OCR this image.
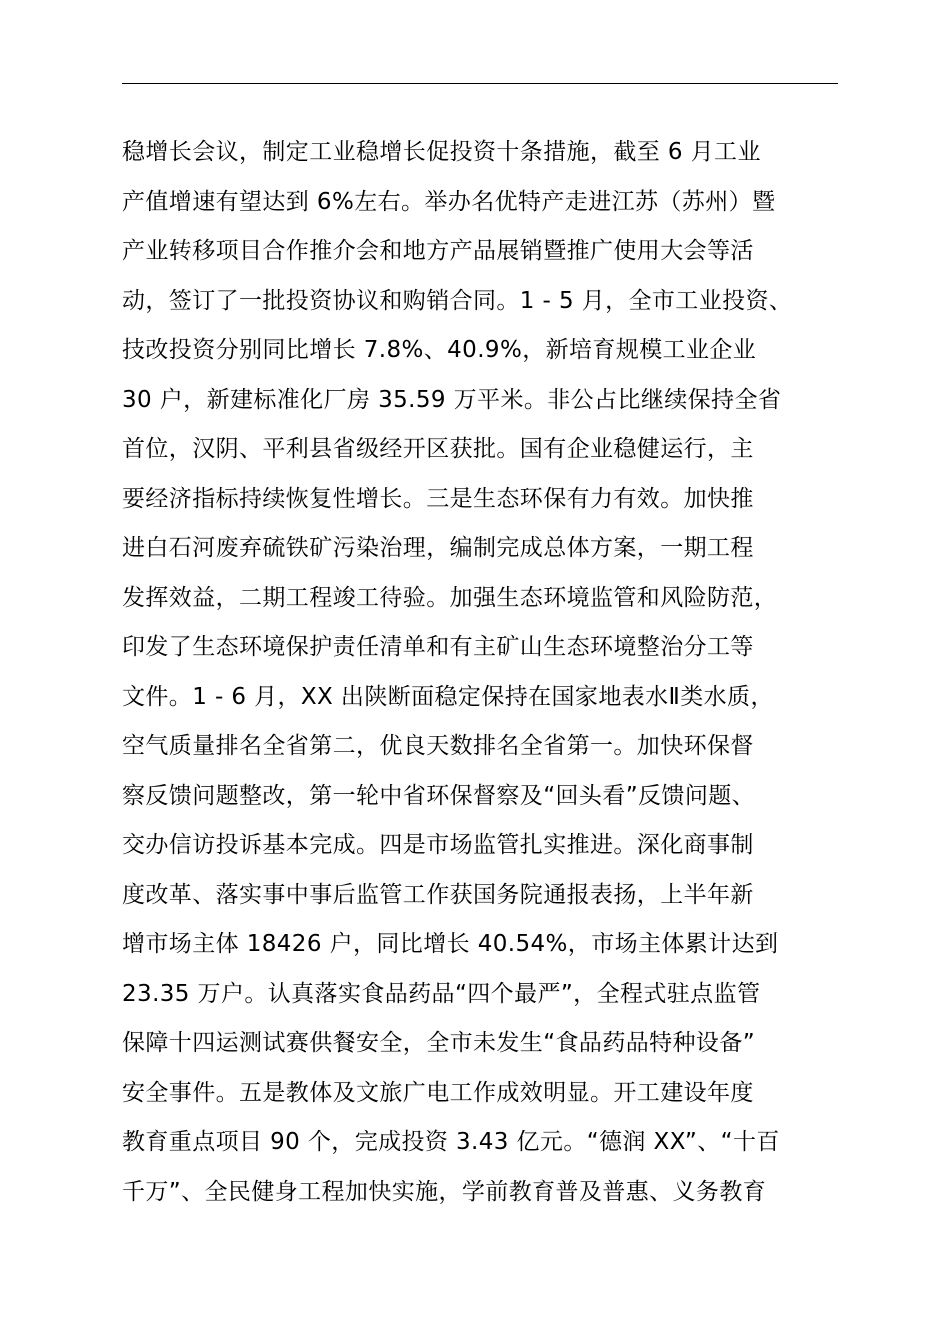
稳增长会议，制定工业稳增长促投资十条措施，截至 6 月工业
产值增速有望达到 6%左右。举办名优特产走进江苏（苏州）暨
产业转移项目合作推介会和地方产品展销暨推广使用大会等活
动，签订了一批投资协议和购销合同。1 - 5 月，全市工业投资、
技改投资分别同比增长 7.8%、40.9%，新培育规模工业企业
30 户，新建标准化厂房 35.59 万平米。非公占比继续保持全省
首位，汉阴、平利县省级经开区获批。国有企业稳健运行，主
要经济指标持续恢复性增长。三是生态环保有力有效。加快推
进白石河废弃硫铁矿污染治理，编制完成总体方案，一期工程
发挥效益，二期工程竣工待验。加强生态环境监管和风险防范，
印发了生态环境保护责任清单和有主矿山生态环境整治分工等
文件。1 - 6 月，XX 出陕断面稳定保持在国家地表水Ⅱ类水质，
空气质量排名全省第二，优良天数排名全省第一。加快环保督
察反馈问题整改，第一轮中省环保督察及“回头看”反馈问题、
交办信访投诉基本完成。四是市场监管扎实推进。深化商事制
度改革、落实事中事后监管工作获国务院通报表扬，上半年新
增市场主体 18426 户，同比增长 40.54%，市场主体累计达到
23.35 万户。认真落实食品药品“四个最严”，全程式驻点监管
保障十四运测试赛供餐安全，全市未发生“食品药品特种设备”
安全事件。五是教体及文旅广电工作成效明显。开工建设年度
教育重点项目 90 个，完成投资 3.43 亿元。“德润 XX”、“十百
千万”、全民健身工程加快实施，学前教育普及普惠、义务教育
